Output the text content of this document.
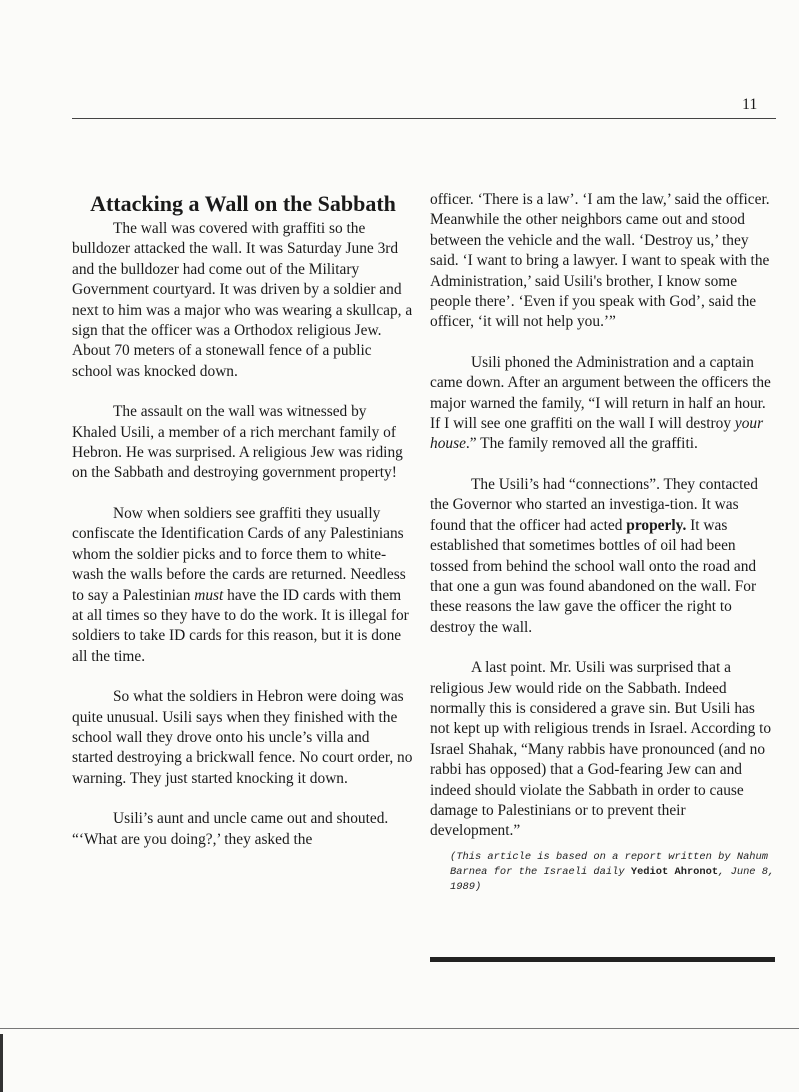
11
Attacking a Wall on the Sabbath

The wall was covered with graffiti so the bulldozer attacked the wall. It was Saturday June 3rd and the bulldozer had come out of the Military Government courtyard. It was driven by a soldier and next to him was a major who was wearing a skullcap, a sign that the officer was a Orthodox religious Jew. About 70 meters of a stonewall fence of a public school was knocked down.

The assault on the wall was witnessed by Khaled Usili, a member of a rich merchant family of Hebron. He was surprised. A religious Jew was riding on the Sabbath and destroying government property!

Now when soldiers see graffiti they usually confiscate the Identification Cards of any Palestinians whom the soldier picks and to force them to white-wash the walls before the cards are returned. Needless to say a Palestinian must have the ID cards with them at all times so they have to do the work. It is illegal for soldiers to take ID cards for this reason, but it is done all the time.

So what the soldiers in Hebron were doing was quite unusual. Usili says when they finished with the school wall they drove onto his uncle’s villa and started destroying a brickwall fence. No court order, no warning. They just started knocking it down.

Usili’s aunt and uncle came out and shouted. “‘What are you doing?,’ they asked the

officer. ‘There is a law’. ‘I am the law,’ said the officer. Meanwhile the other neighbors came out and stood between the vehicle and the wall. ‘Destroy us,’ they said. ‘I want to bring a lawyer. I want to speak with the Administration,’ said Usili's brother, I know some people there’. ‘Even if you speak with God’, said the officer, ‘it will not help you.’”

Usili phoned the Administration and a captain came down. After an argument between the officers the major warned the family, “I will return in half an hour. If I will see one graffiti on the wall I will destroy your house.” The family removed all the graffiti.

The Usili’s had “connections”. They contacted the Governor who started an investiga-tion. It was found that the officer had acted properly. It was established that sometimes bottles of oil had been tossed from behind the school wall onto the road and that one a gun was found abandoned on the wall. For these reasons the law gave the officer the right to destroy the wall.

A last point. Mr. Usili was surprised that a religious Jew would ride on the Sabbath. Indeed normally this is considered a grave sin. But Usili has not kept up with religious trends in Israel. According to Israel Shahak, “Many rabbis have pronounced (and no rabbi has opposed) that a God-fearing Jew can and indeed should violate the Sabbath in order to cause damage to Palestinians or to prevent their development.”

(This article is based on a report written by Nahum Barnea for the Israeli daily Yediot Ahronot, June 8, 1989)
